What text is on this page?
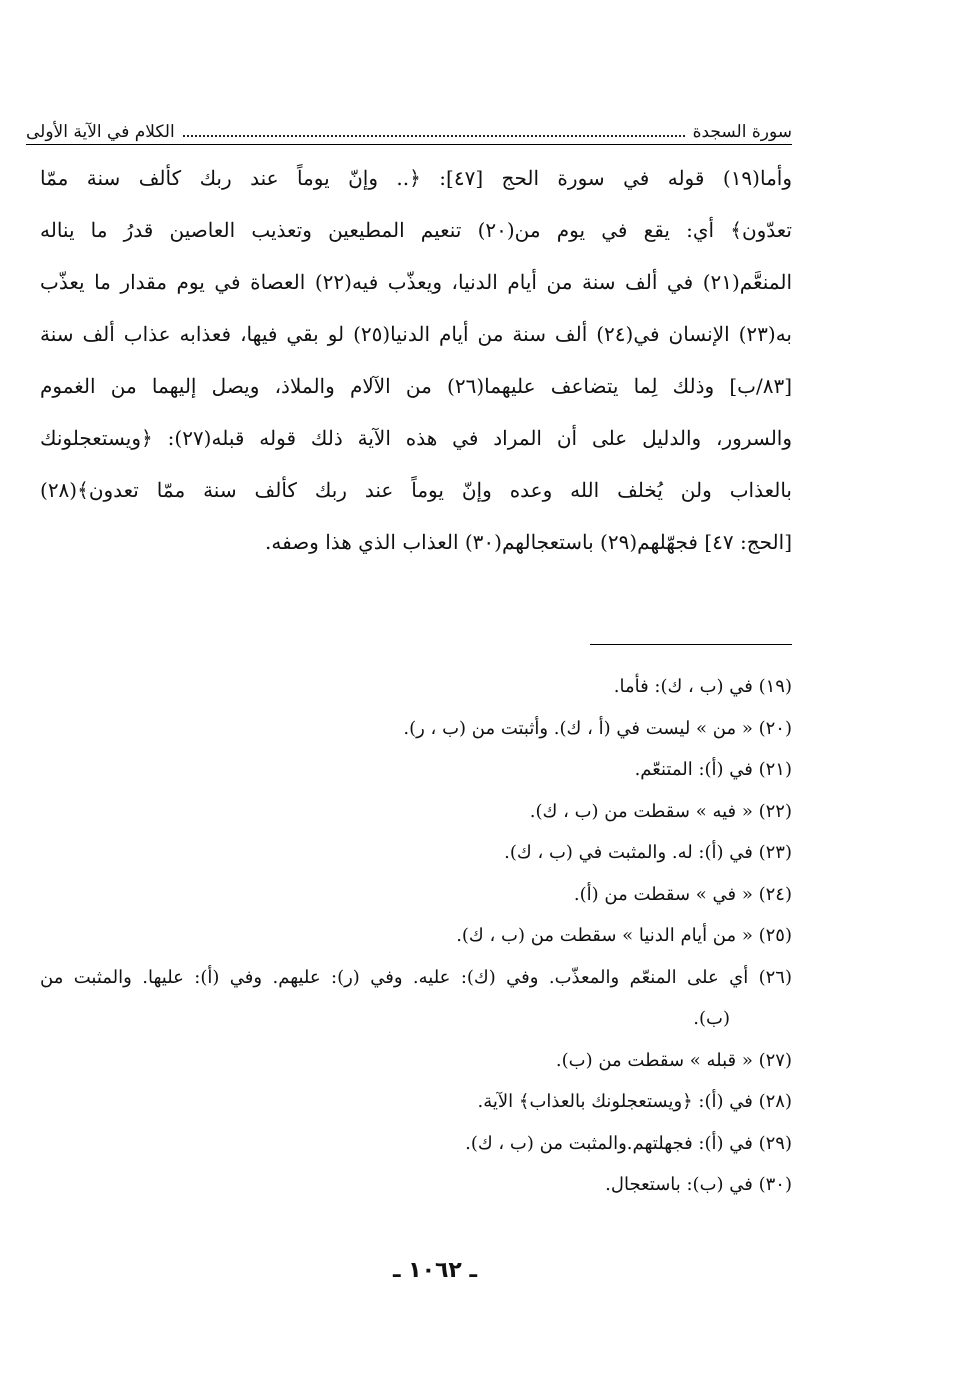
سورة السجدة
الكلام في الآية الأولى
وأما(١٩) قوله في سورة الحج [٤٧]: ﴿.. وإنّ يوماً عند ربك كألف سنة ممّا
تعدّون﴾ أي: يقع في يوم من(٢٠) تنعيم المطيعين وتعذيب العاصين قدرُ ما يناله
المنعَّم(٢١) في ألف سنة من أيام الدنيا، ويعذّب فيه(٢٢) العصاة في يوم مقدار ما يعذّب
به(٢٣) الإنسان في(٢٤) ألف سنة من أيام الدنيا(٢٥) لو بقي فيها، فعذابه عذاب ألف سنة
[٨٣/ب] وذلك لِما يتضاعف عليهما(٢٦) من الآلام والملاذ، ويصل إليهما من الغموم
والسرور، والدليل على أن المراد في هذه الآية ذلك قوله قبله(٢٧): ﴿ويستعجلونك
بالعذاب ولن يُخلف الله وعده وإنّ يوماً عند ربك كألف سنة ممّا تعدون﴾(٢٨)
[الحج: ٤٧] فجهّلهم(٢٩) باستعجالهم(٣٠) العذاب الذي هذا وصفه.
(١٩) في (ب ، ك): فأما.
(٢٠) « من » ليست في (أ ، ك). وأثبتت من (ب ، ر).
(٢١) في (أ): المتنعّم.
(٢٢) « فيه » سقطت من (ب ، ك).
(٢٣) في (أ): له. والمثبت في (ب ، ك).
(٢٤) « في » سقطت من (أ).
(٢٥) « من أيام الدنيا » سقطت من (ب ، ك).
(٢٦) أي على المنعّم والمعذّب. وفي (ك): عليه. وفي (ر): عليهم. وفي (أ): عليها. والمثبت من
(ب).
(٢٧) « قبله » سقطت من (ب).
(٢٨) في (أ): ﴿ويستعجلونك بالعذاب﴾ الآية.
(٢٩) في (أ): فجهلتهم.والمثبت من (ب ، ك).
(٣٠) في (ب): باستعجال.
ـ ١٠٦٢ ـ
